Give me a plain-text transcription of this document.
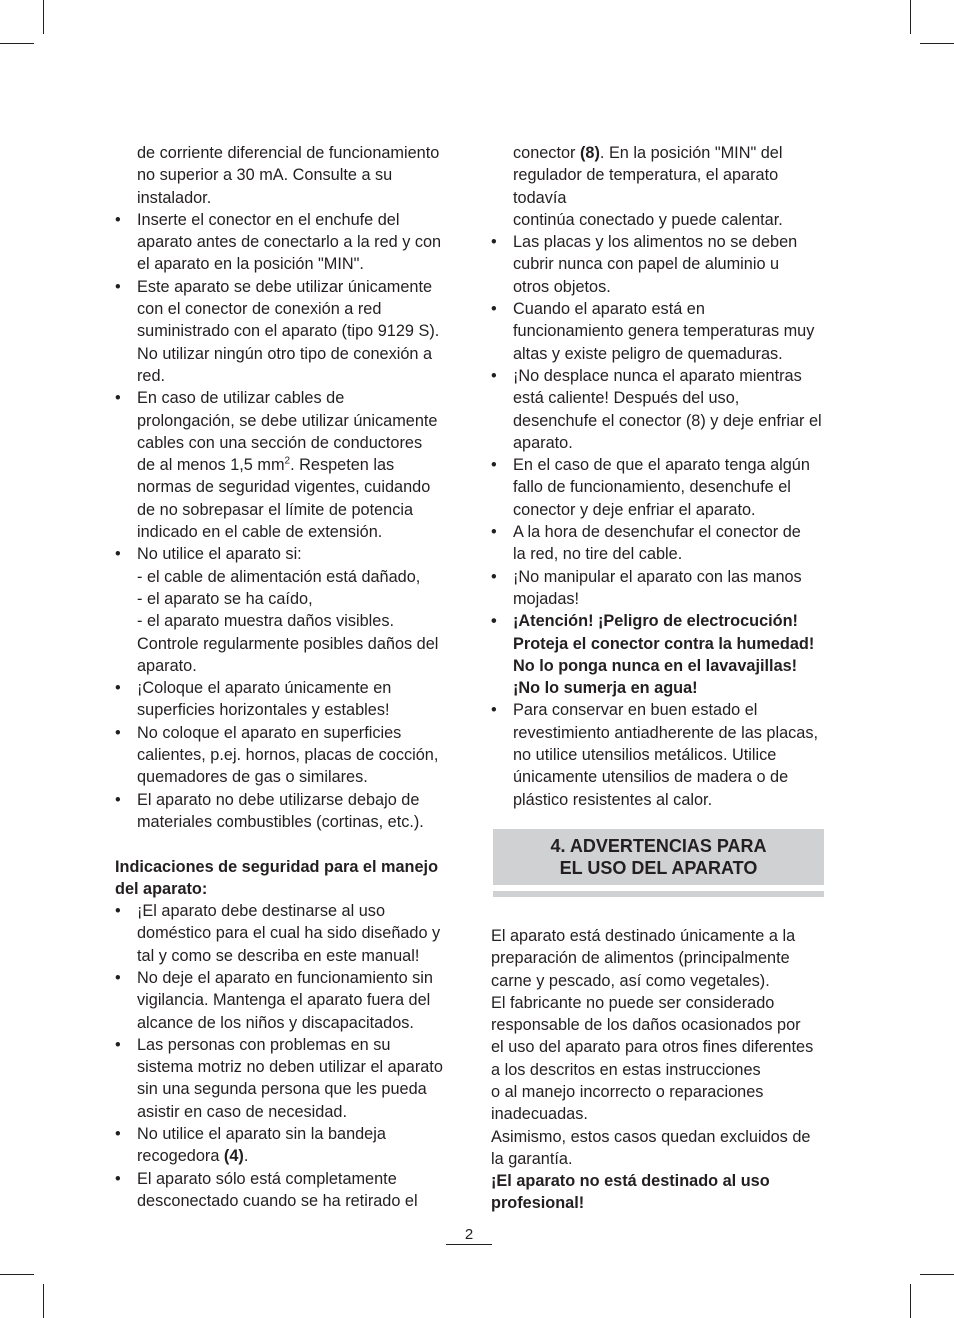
de corriente diferencial de funcionamiento
no superior a 30 mA. Consulte a su
instalador.
• Inserte el conector en el enchufe del
aparato antes de conectarlo a la red y con
el aparato en la posición "MIN".
• Este aparato se debe utilizar únicamente
con el conector de conexión a red
suministrado con el aparato (tipo 9129 S).
No utilizar ningún otro tipo de conexión a
red.
• En caso de utilizar cables de
prolongación, se debe utilizar únicamente
cables con una sección de conductores
de al menos 1,5 $mm^2$. Respeten las
normas de seguridad vigentes, cuidando
de no sobrepasar el límite de potencia
indicado en el cable de extensión.
• No utilice el aparato si:
- el cable de alimentación está dañado,
- el aparato se ha caído,
- el aparato muestra daños visibles.
Controle regularmente posibles daños del
aparato.
• ¡Coloque el aparato únicamente en
superficies horizontales y estables!
• No coloque el aparato en superficies
calientes, p.ej. hornos, placas de cocción,
quemadores de gas o similares.
• El aparato no debe utilizarse debajo de
materiales combustibles (cortinas, etc.).
Indicaciones de seguridad para el manejo
del aparato:
• ¡El aparato debe destinarse al uso
doméstico para el cual ha sido diseñado y
tal y como se describa en este manual!
• No deje el aparato en funcionamiento sin
vigilancia. Mantenga el aparato fuera del
alcance de los niños y discapacitados.
• Las personas con problemas en su
sistema motriz no deben utilizar el aparato
sin una segunda persona que les pueda
asistir en caso de necesidad.
• No utilice el aparato sin la bandeja
recogedora (4).
• El aparato sólo está completamente
desconectado cuando se ha retirado el
conector (8). En la posición "MIN" del
regulador de temperatura, el aparato todavía
continúa conectado y puede calentar.
• Las placas y los alimentos no se deben
cubrir nunca con papel de aluminio u
otros objetos.
• Cuando el aparato está en
funcionamiento genera temperaturas muy
altas y existe peligro de quemaduras.
• ¡No desplace nunca el aparato mientras
está caliente! Después del uso,
desenchufe el conector (8) y deje enfriar el
aparato.
• En el caso de que el aparato tenga algún
fallo de funcionamiento, desenchufe el
conector y deje enfriar el aparato.
• A la hora de desenchufar el conector de
la red, no tire del cable.
• ¡No manipular el aparato con las manos
mojadas!
• ¡Atención! ¡Peligro de electrocución!
Proteja el conector contra la humedad!
No lo ponga nunca en el lavavajillas!
¡No lo sumerja en agua!
• Para conservar en buen estado el
revestimiento antiadherente de las placas,
no utilice utensilios metálicos. Utilice
únicamente utensilios de madera o de
plástico resistentes al calor.
4. ADVERTENCIAS PARA
EL USO DEL APARATO
El aparato está destinado únicamente a la
preparación de alimentos (principalmente
carne y pescado, así como vegetales).
El fabricante no puede ser considerado
responsable de los daños ocasionados por
el uso del aparato para otros fines diferentes
a los descritos en estas instrucciones
o al manejo incorrecto o reparaciones
inadecuadas.
Asimismo, estos casos quedan excluidos de
la garantía.
¡El aparato no está destinado al uso
profesional!
2
